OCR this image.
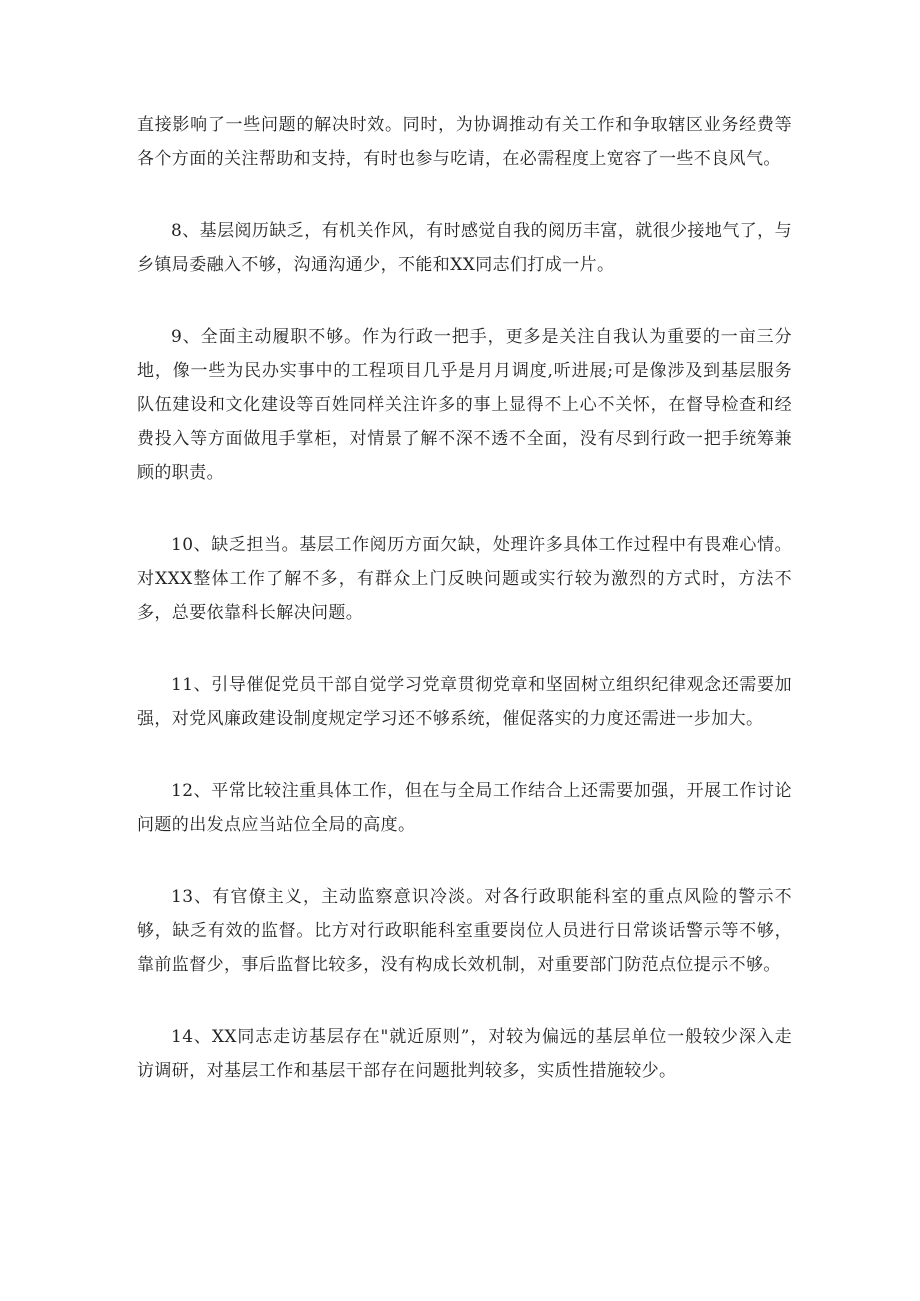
直接影响了一些问题的解决时效。同时，为协调推动有关工作和争取辖区业务经费等各个方面的关注帮助和支持，有时也参与吃请，在必需程度上宽容了一些不良风气。

8、基层阅历缺乏，有机关作风，有时感觉自我的阅历丰富，就很少接地气了，与乡镇局委融入不够，沟通沟通少，不能和XX同志们打成一片。

9、全面主动履职不够。作为行政一把手，更多是关注自我认为重要的一亩三分地，像一些为民办实事中的工程项目几乎是月月调度,听进展;可是像涉及到基层服务队伍建设和文化建设等百姓同样关注许多的事上显得不上心不关怀，在督导检查和经费投入等方面做甩手掌柜，对情景了解不深不透不全面，没有尽到行政一把手统筹兼顾的职责。

10、缺乏担当。基层工作阅历方面欠缺，处理许多具体工作过程中有畏难心情。对XXX整体工作了解不多，有群众上门反映问题或实行较为激烈的方式时，方法不多，总要依靠科长解决问题。

11、引导催促党员干部自觉学习党章贯彻党章和坚固树立组织纪律观念还需要加强，对党风廉政建设制度规定学习还不够系统，催促落实的力度还需进一步加大。

12、平常比较注重具体工作，但在与全局工作结合上还需要加强，开展工作讨论问题的出发点应当站位全局的高度。

13、有官僚主义，主动监察意识冷淡。对各行政职能科室的重点风险的警示不够，缺乏有效的监督。比方对行政职能科室重要岗位人员进行日常谈话警示等不够，靠前监督少，事后监督比较多，没有构成长效机制，对重要部门防范点位提示不够。

14、XX同志走访基层存在"就近原则”，对较为偏远的基层单位一般较少深入走访调研，对基层工作和基层干部存在问题批判较多，实质性措施较少。
